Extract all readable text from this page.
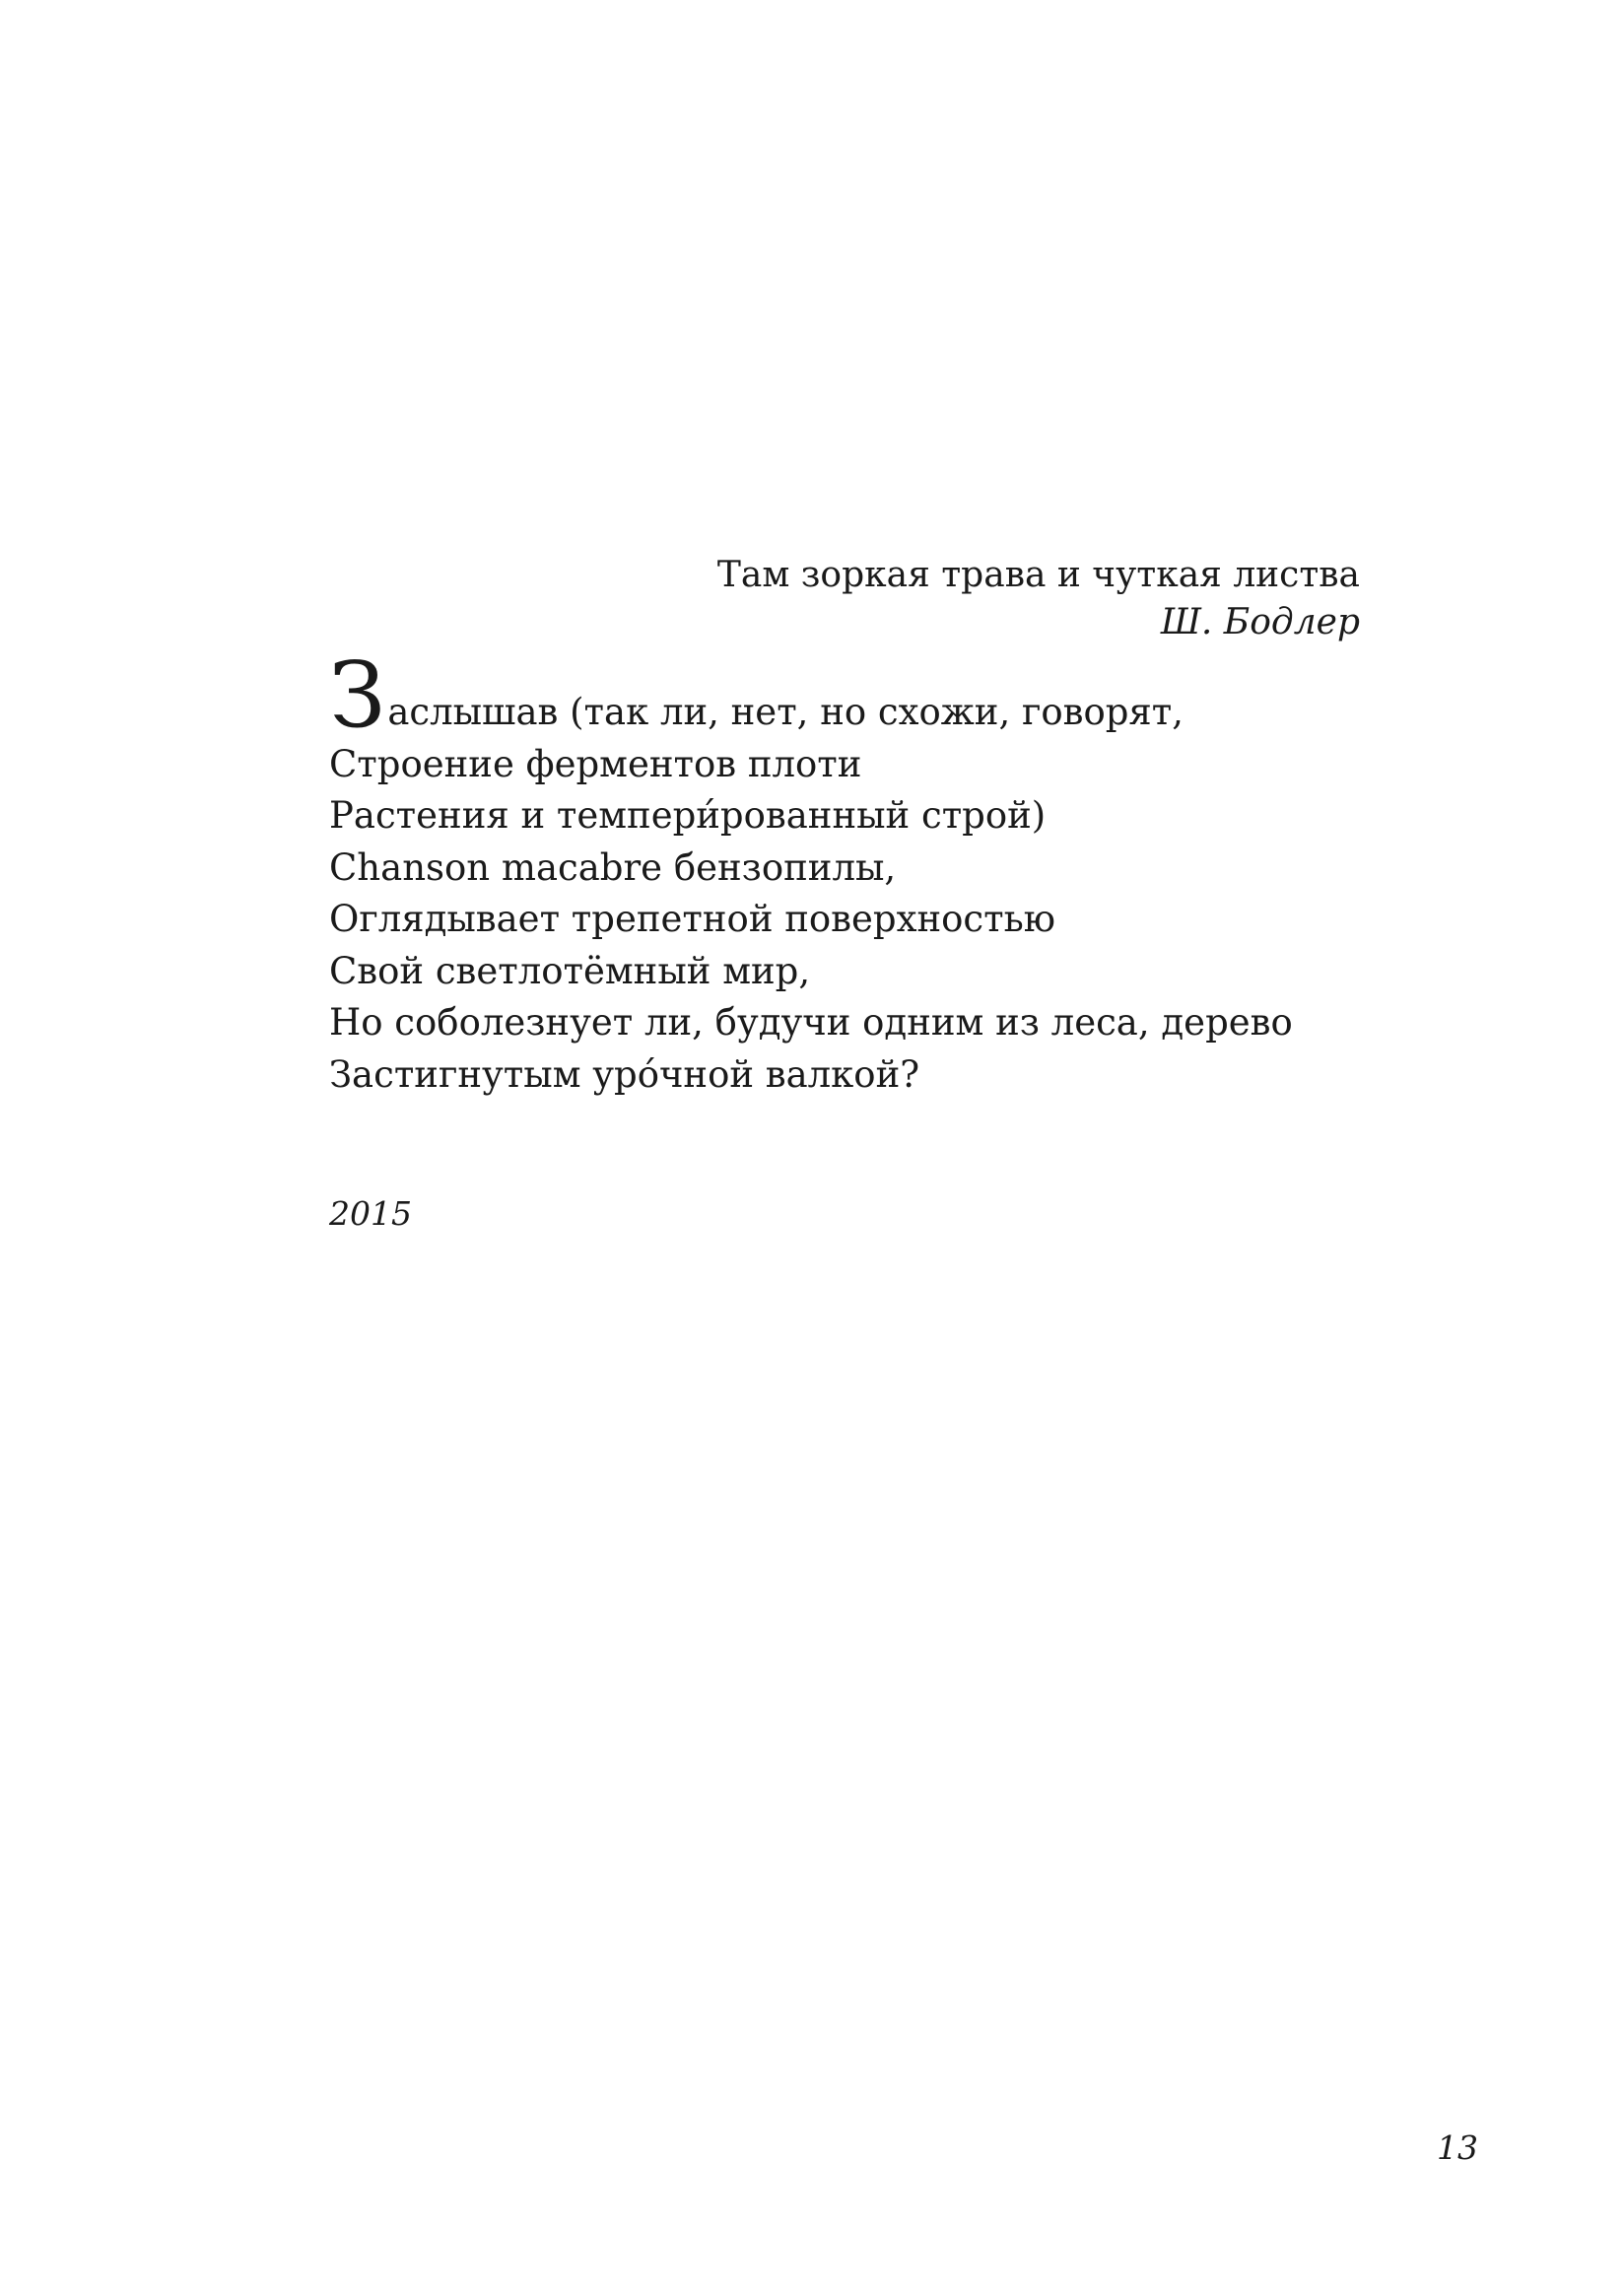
Там зоркая трава и чуткая листва
Ш. Бодлер
Заслышав (так ли, нет, но схожи, говорят,
Строение ферментов плоти
Растения и темпери́рованный строй)
Chanson macabre бензопилы,
Оглядывает трепетной поверхностью
Свой светлотёмный мир,
Но соболезнует ли, будучи одним из леса, дерево
Застигнутым уро́чной валкой?
2015
13
